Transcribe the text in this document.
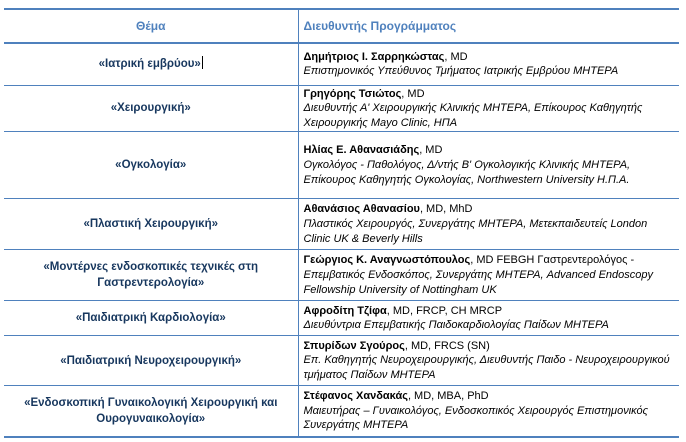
Θέμα	Διευθυντής Προγράμματος
«Ιατρική εμβρύου»	Δημήτριος Ι. Σαρρηκώστας, MD
Επιστημονικός Υπεύθυνος Τμήματος Ιατρικής Εμβρύου ΜΗΤΕΡΑ
«Χειρουργική»	Γρηγόρης Τσιώτος, MD
Διευθυντής Α' Χειρουργικής Κλινικής ΜΗΤΕΡΑ, Επίκουρος Καθηγητής Χειρουργικής Mayo Clinic, ΗΠΑ
«Ογκολογία»	Ηλίας Ε. Αθανασιάδης, MD
Ογκολόγος - Παθολόγος, Δ/ντής Β' Ογκολογικής Κλινικής ΜΗΤΕΡΑ, Επίκουρος Καθηγητής Ογκολογίας, Northwestern University Η.Π.Α.
«Πλαστική Χειρουργική»	Αθανάσιος Αθανασίου, MD, MhD
Πλαστικός Χειρουργός, Συνεργάτης ΜΗΤΕΡΑ, Μετεκπαιδευτείς London Clinic UK & Beverly Hills
«Μοντέρνες ενδοσκοπικές τεχνικές στη Γαστρεντερολογία»	Γεώργιος Κ. Αναγνωστόπουλος, MD FEBGH Γαστρεντερολόγος -
Επεμβατικός Ενδοσκόπος, Συνεργάτης ΜΗΤΕΡΑ, Advanced Endoscopy Fellowship University of Nottingham UK
«Παιδιατρική Καρδιολογία»	Αφροδίτη Τζίφα, MD, FRCP, CH MRCP
Διευθύντρια Επεμβατικής Παιδοκαρδιολογίας Παίδων ΜΗΤΕΡΑ
«Παιδιατρική Νευροχειρουργική»	Σπυρίδων Σγούρος, MD, FRCS (SN)
Επ. Καθηγητής Νευροχειρουργικής, Διευθυντής Παιδο - Νευροχειρουργικού τμήματος Παίδων ΜΗΤΕΡΑ
«Ενδοσκοπική Γυναικολογική Χειρουργική και Ουρογυναικολογία»	Στέφανος Χανδακάς, MD, MBA, PhD
Μαιευτήρας – Γυναικολόγος, Ενδοσκοπικός Χειρουργός Επιστημονικός Συνεργάτης ΜΗΤΕΡΑ
